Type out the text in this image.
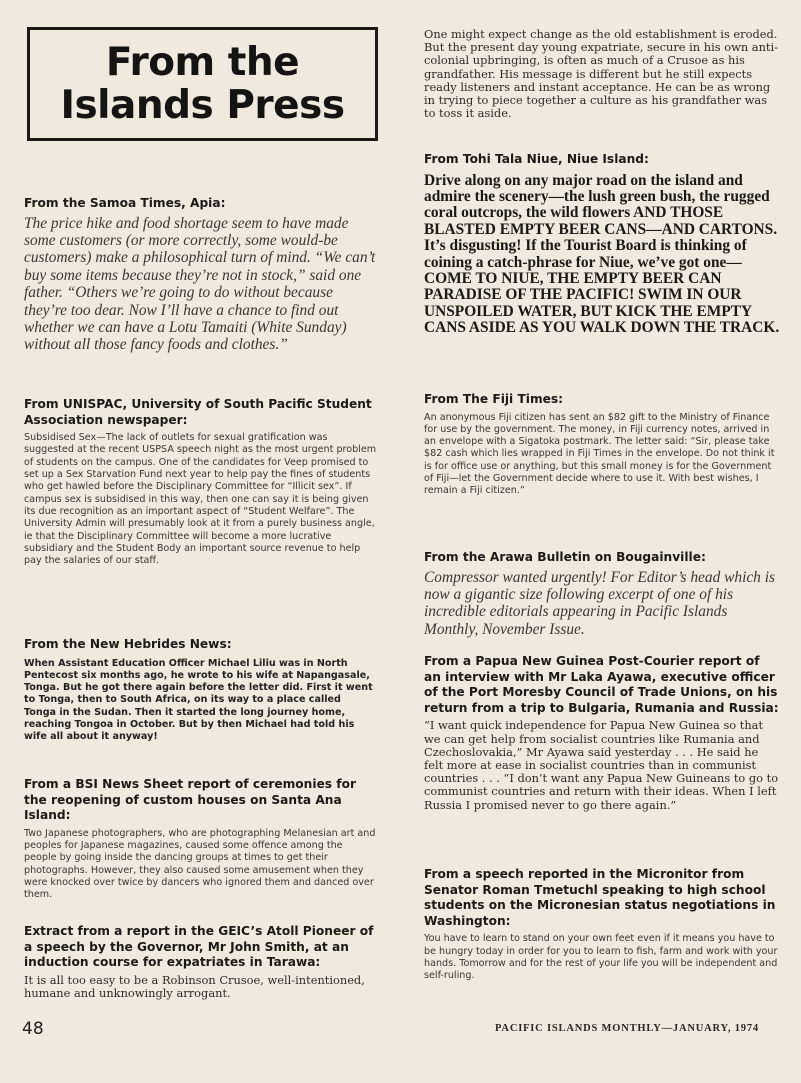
From the
Islands Press
From the Samoa Times, Apia:

The price hike and food shortage seem to have made some customers (or more correctly, some would-be customers) make a philosophical turn of mind. “We can’t buy some items because they’re not in stock,” said one father. “Others we’re going to do without because they’re too dear. Now I’ll have a chance to find out whether we can have a Lotu Tamaiti (White Sunday) without all those fancy foods and clothes.”

From UNISPAC, University of South Pacific Student Association newspaper:

Subsidised Sex—The lack of outlets for sexual gratification was suggested at the recent USPSA speech night as the most urgent problem of students on the campus. One of the candidates for Veep promised to set up a Sex Starvation Fund next year to help pay the fines of students who get hawled before the Disciplinary Committee for “Illicit sex”. If campus sex is subsidised in this way, then one can say it is being given its due recognition as an important aspect of “Student Welfare”. The University Admin will presumably look at it from a purely business angle, ie that the Disciplinary Committee will become a more lucrative subsidiary and the Student Body an important source revenue to help pay the salaries of our staff.

From the New Hebrides News:

When Assistant Education Officer Michael Liliu was in North Pentecost six months ago, he wrote to his wife at Napangasale, Tonga. But he got there again before the letter did. First it went to Tonga, then to South Africa, on its way to a place called Tonga in the Sudan. Then it started the long journey home, reaching Tongoa in October. But by then Michael had told his wife all about it anyway!

From a BSI News Sheet report of ceremonies for the reopening of custom houses on Santa Ana Island:

Two Japanese photographers, who are photographing Melanesian art and peoples for Japanese magazines, caused some offence among the people by going inside the dancing groups at times to get their photographs. However, they also caused some amusement when they were knocked over twice by dancers who ignored them and danced over them.

Extract from a report in the GEIC’s Atoll Pioneer of a speech by the Governor, Mr John Smith, at an induction course for expatriates in Tarawa:

It is all too easy to be a Robinson Crusoe, well-intentioned, humane and unknowingly arrogant.

One might expect change as the old establishment is eroded. But the present day young expatriate, secure in his own anti-colonial upbringing, is often as much of a Crusoe as his grandfather. His message is different but he still expects ready listeners and instant acceptance. He can be as wrong in trying to piece together a culture as his grandfather was to toss it aside.

From Tohi Tala Niue, Niue Island:

Drive along on any major road on the island and admire the scenery—the lush green bush, the rugged coral outcrops, the wild flowers AND THOSE BLASTED EMPTY BEER CANS—AND CARTONS. It’s disgusting! If the Tourist Board is thinking of coining a catch-phrase for Niue, we’ve got one—COME TO NIUE, THE EMPTY BEER CAN PARADISE OF THE PACIFIC! SWIM IN OUR UNSPOILED WATER, BUT KICK THE EMPTY CANS ASIDE AS YOU WALK DOWN THE TRACK.

From The Fiji Times:

An anonymous Fiji citizen has sent an $82 gift to the Ministry of Finance for use by the government. The money, in Fiji currency notes, arrived in an envelope with a Sigatoka postmark. The letter said: “Sir, please take $82 cash which lies wrapped in Fiji Times in the envelope. Do not think it is for office use or anything, but this small money is for the Government of Fiji—let the Government decide where to use it. With best wishes, I remain a Fiji citizen.”

From the Arawa Bulletin on Bougainville:

Compressor wanted urgently! For Editor’s head which is now a gigantic size following excerpt of one of his incredible editorials appearing in Pacific Islands Monthly, November Issue.

From a Papua New Guinea Post-Courier report of an interview with Mr Laka Ayawa, executive officer of the Port Moresby Council of Trade Unions, on his return from a trip to Bulgaria, Rumania and Russia:

“I want quick independence for Papua New Guinea so that we can get help from socialist countries like Rumania and Czechoslovakia,” Mr Ayawa said yesterday . . . He said he felt more at ease in socialist countries than in communist countries . . . “I don’t want any Papua New Guineans to go to communist countries and return with their ideas. When I left Russia I promised never to go there again.”

From a speech reported in the Micronitor from Senator Roman Tmetuchl speaking to high school students on the Micronesian status negotiations in Washington:

You have to learn to stand on your own feet even if it means you have to be hungry today in order for you to learn to fish, farm and work with your hands. Tomorrow and for the rest of your life you will be independent and self-ruling.

48	PACIFIC ISLANDS MONTHLY—JANUARY, 1974
